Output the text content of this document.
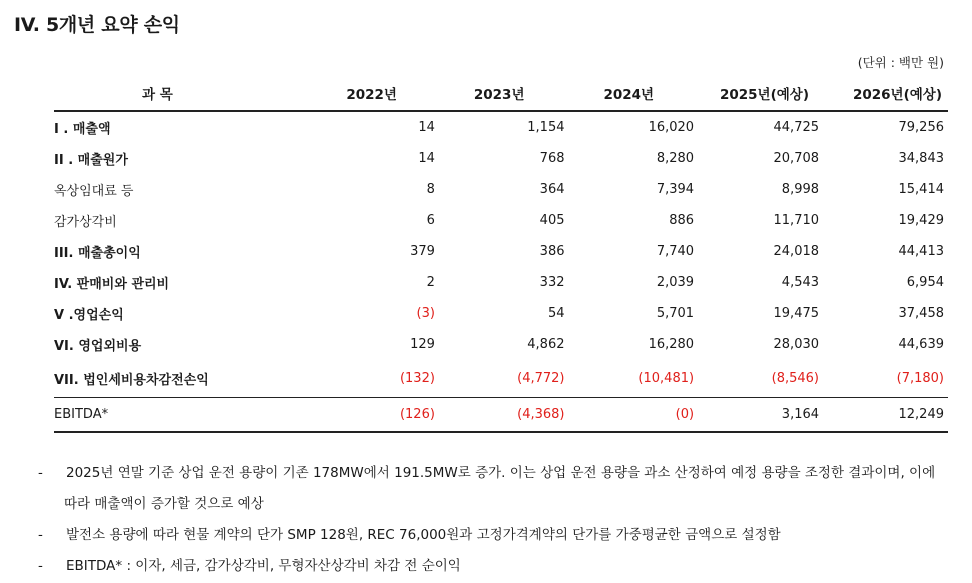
IV. 5개년 요약 손익
(단위 : 백만 원)
과 목	2022년	2023년	2024년	2025년(예상)	2026년(예상)
I . 매출액	14	1,154	16,020	44,725	79,256
II . 매출원가	14	768	8,280	20,708	34,843
옥상임대료 등	8	364	7,394	8,998	15,414
감가상각비	6	405	886	11,710	19,429
III. 매출총이익	379	386	7,740	24,018	44,413
IV. 판매비와 관리비	2	332	2,039	4,543	6,954
V .영업손익	(3)	54	5,701	19,475	37,458
VI. 영업외비용	129	4,862	16,280	28,030	44,639
VII. 법인세비용차감전손익	(132)	(4,772)	(10,481)	(8,546)	(7,180)
EBITDA*	(126)	(4,368)	(0)	3,164	12,249
-	2025년 연말 기준 상업 운전 용량이 기존 178MW에서 191.5MW로 증가. 이는 상업 운전 용량을 과소 산정하여 예정 용량을 조정한 결과이며, 이에
따라 매출액이 증가할 것으로 예상
-	발전소 용량에 따라 현물 계약의 단가 SMP 128원, REC 76,000원과 고정가격계약의 단가를 가중평균한 금액으로 설정함
-	EBITDA* : 이자, 세금, 감가상각비, 무형자산상각비 차감 전 순이익
